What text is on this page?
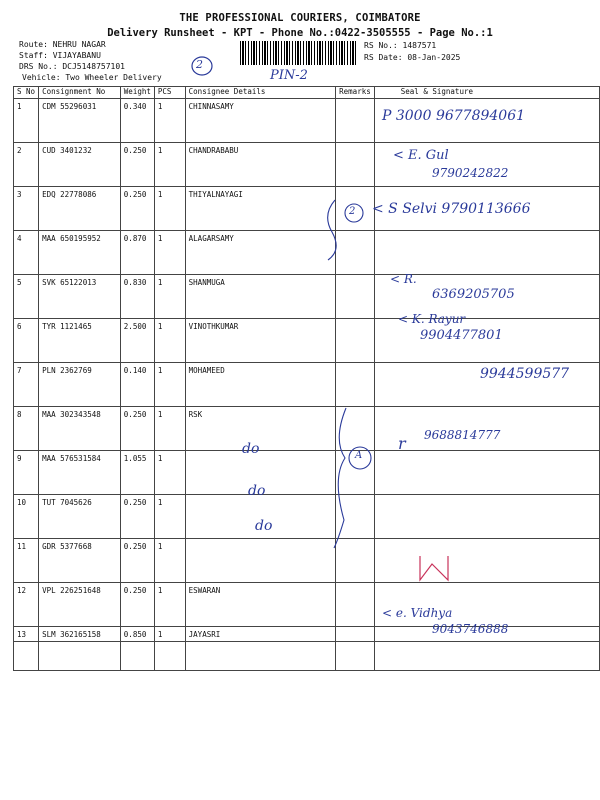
THE PROFESSIONAL COURIERS, COIMBATORE
Delivery Runsheet - KPT - Phone No.:0422-3505555 - Page No.:1
Route: NEHRU NAGAR
Staff: VIJAYABANU
DRS No.: DCJ5148757101
Vehicle: Two Wheeler Delivery
RS No.: 1487571
RS Date: 08-Jan-2025
S No	Consignment No	Weight	PCS	Consignee Details	Remarks	Seal & Signature
1	CDM 55296031	0.340	1	CHINNASAMY		
2	CUD 3401232	0.250	1	CHANDRABABU		
3	EDQ 22778086	0.250	1	THIYALNAYAGI		
4	MAA 650195952	0.870	1	ALAGARSAMY		
5	SVK 65122013	0.830	1	SHANMUGA		
6	TYR 1121465	2.500	1	VINOTHKUMAR		
7	PLN 2362769	0.140	1	MOHAMEED		
8	MAA 302343548	0.250	1	RSK		
9	MAA 576531584	1.055	1			
10	TUT 7045626	0.250	1			
11	GDR 5377668	0.250	1			
12	VPL 226251648	0.250	1	ESWARAN		
13	SLM 362165158	0.850	1	JAYASRI		
2
PIN-2
P 3000 9677894061
< E. Gul
9790242822
2 < S Selvi 9790113666
< R.
6369205705
< K. Rayur
9904477801
9944599577
r 9688814777
A
do
do
do
< e. Vidhya
9043746888
